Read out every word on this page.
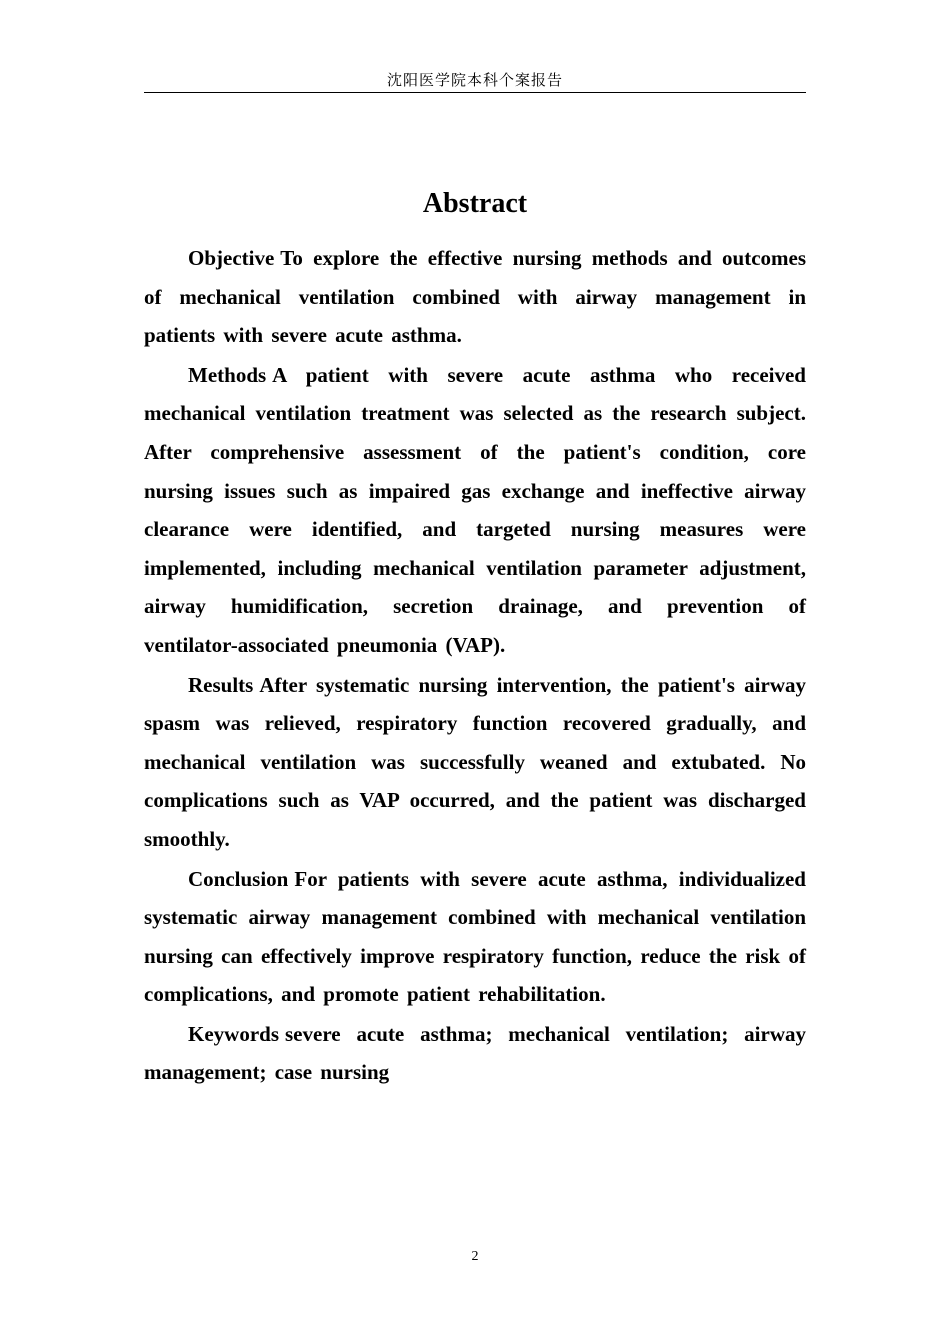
沈阳医学院本科个案报告
Abstract

Objective To explore the effective nursing methods and outcomes of mechanical ventilation combined with airway management in patients with severe acute asthma.

Methods A patient with severe acute asthma who received mechanical ventilation treatment was selected as the research subject. After comprehensive assessment of the patient's condition, core nursing issues such as impaired gas exchange and ineffective airway clearance were identified, and targeted nursing measures were implemented, including mechanical ventilation parameter adjustment, airway humidification, secretion drainage, and prevention of ventilator-associated pneumonia (VAP).

Results After systematic nursing intervention, the patient's airway spasm was relieved, respiratory function recovered gradually, and mechanical ventilation was successfully weaned and extubated. No complications such as VAP occurred, and the patient was discharged smoothly.

Conclusion For patients with severe acute asthma, individualized systematic airway management combined with mechanical ventilation nursing can effectively improve respiratory function, reduce the risk of complications, and promote patient rehabilitation.

Keywords severe acute asthma; mechanical ventilation; airway management; case nursing

2
